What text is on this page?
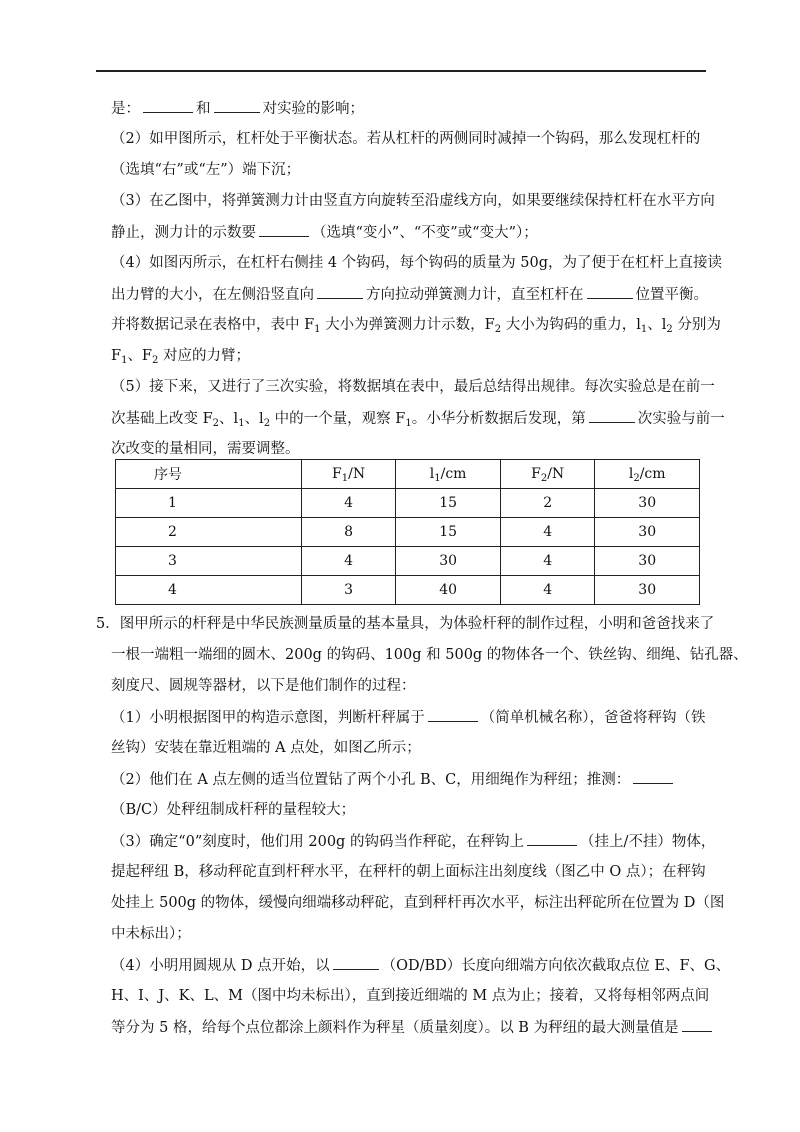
是：	和	对实验的影响；
（2）如甲图所示，杠杆处于平衡状态。若从杠杆的两侧同时减掉一个钩码，那么发现杠杆的
（选填“右”或“左”）端下沉；
（3）在乙图中，将弹簧测力计由竖直方向旋转至沿虚线方向，如果要继续保持杠杆在水平方向
静止，测力计的示数要	（选填“变小”、“不变”或“变大”）；
（4）如图丙所示，在杠杆右侧挂 4 个钩码，每个钩码的质量为 50g，为了便于在杠杆上直接读
出力臂的大小，在左侧沿竖直向	方向拉动弹簧测力计，直至杠杆在	位置平衡。
并将数据记录在表格中，表中 $F_1$ 大小为弹簧测力计示数，$F_2$ 大小为钩码的重力，$l_1$、$l_2$ 分别为
$F_1$、$F_2$ 对应的力臂；
（5）接下来，又进行了三次实验，将数据填在表中，最后总结得出规律。每次实验总是在前一
次基础上改变 $F_2$、$l_1$、$l_2$ 中的一个量，观察 $F_1$。小华分析数据后发现，第	次实验与前一
次改变的量相同，需要调整。
序号	$F_1/N$	$l_1/cm$	$F_2/N$	$l_2/cm$
1	4	15	2	30
2	8	15	4	30
3	4	30	4	30
4	3	40	4	30
5．图甲所示的杆秤是中华民族测量质量的基本量具，为体验杆秤的制作过程，小明和爸爸找来了
一根一端粗一端细的圆木、200g 的钩码、100g 和 500g 的物体各一个、铁丝钩、细绳、钻孔器、
刻度尺、圆规等器材，以下是他们制作的过程：
（1）小明根据图甲的构造示意图，判断杆秤属于	（简单机械名称），爸爸将秤钩（铁
丝钩）安装在靠近粗端的 A 点处，如图乙所示；
（2）他们在 A 点左侧的适当位置钻了两个小孔 B、C，用细绳作为秤纽；推测：
（B/C）处秤纽制成杆秤的量程较大；
（3）确定“0”刻度时，他们用 200g 的钩码当作秤砣，在秤钩上	（挂上/不挂）物体，
提起秤纽 B，移动秤砣直到杆秤水平，在秤杆的朝上面标注出刻度线（图乙中 O 点）；在秤钩
处挂上 500g 的物体，缓慢向细端移动秤砣，直到秤杆再次水平，标注出秤砣所在位置为 D（图
中未标出）；
（4）小明用圆规从 D 点开始，以	（OD/BD）长度向细端方向依次截取点位 E、F、G、
H、I、J、K、L、M（图中均未标出），直到接近细端的 M 点为止；接着，又将每相邻两点间
等分为 5 格，给每个点位都涂上颜料作为秤星（质量刻度）。以 B 为秤纽的最大测量值是
